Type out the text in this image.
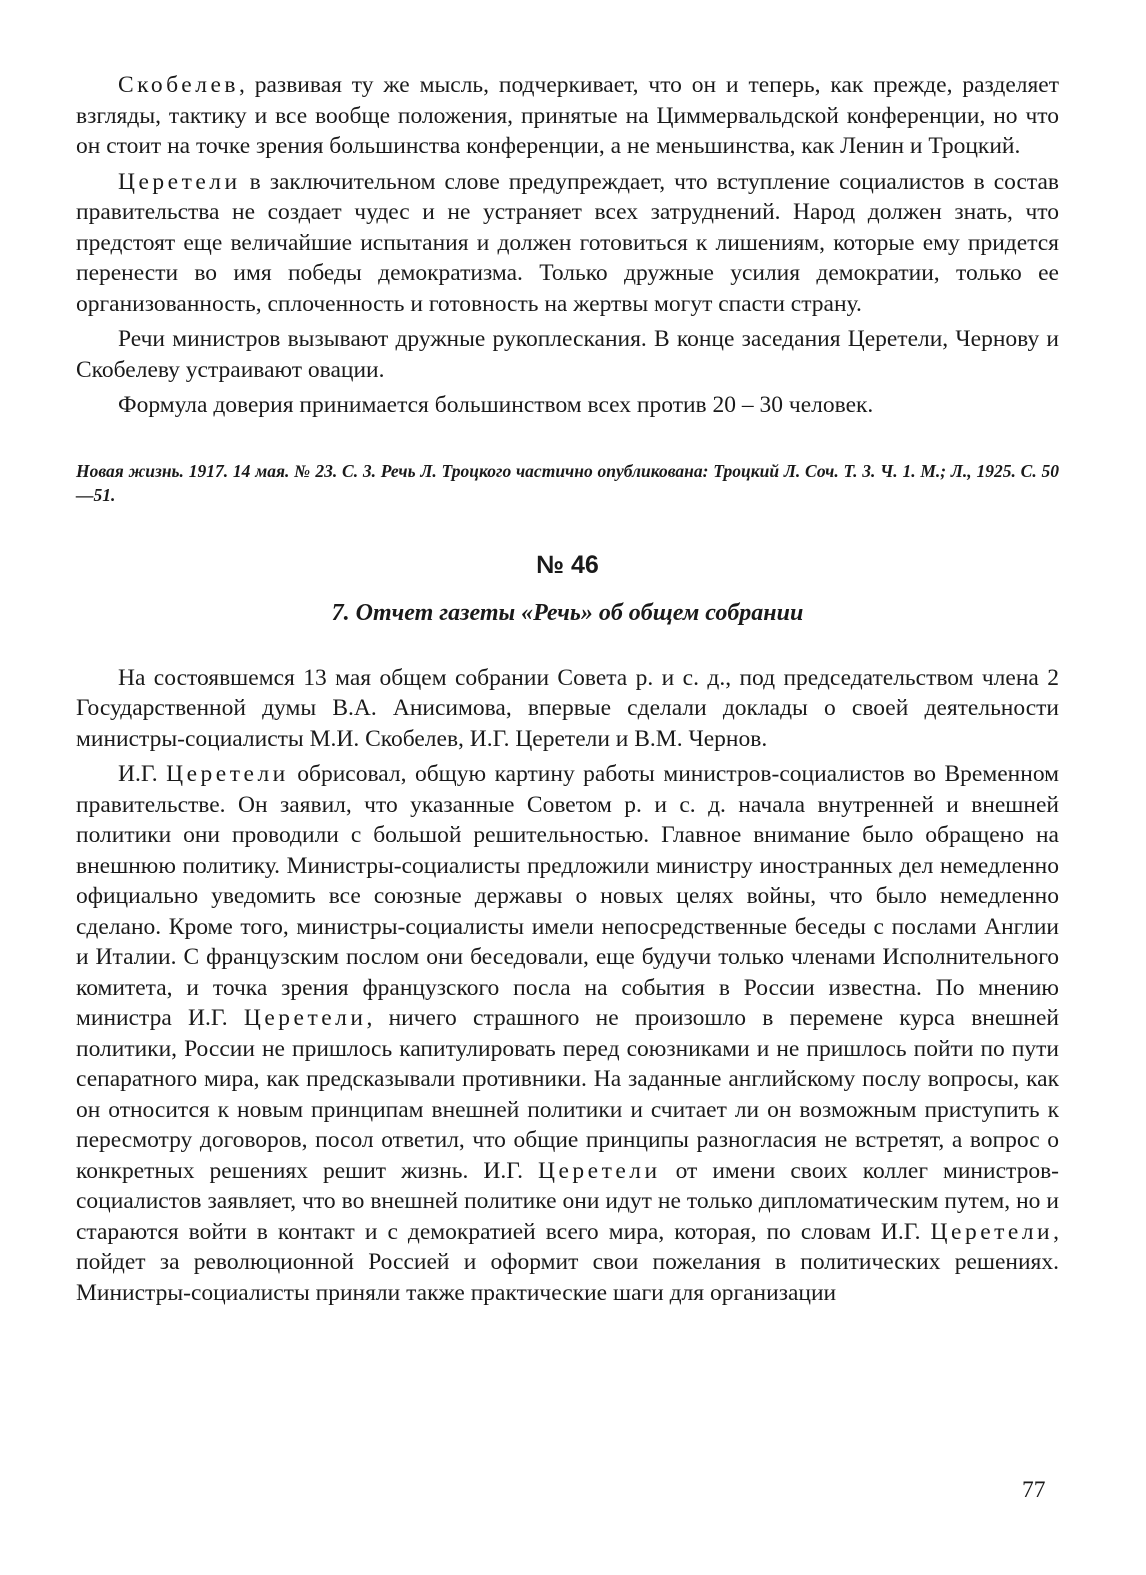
Скобелев, развивая ту же мысль, подчеркивает, что он и теперь, как прежде, разделяет взгляды, тактику и все вообще положения, принятые на Циммервальдской конференции, но что он стоит на точке зрения большинства конференции, а не меньшинства, как Ленин и Троцкий.

Церетели в заключительном слове предупреждает, что вступление социалистов в состав правительства не создает чудес и не устраняет всех затруднений. Народ должен знать, что предстоят еще величайшие испытания и должен готовиться к лишениям, которые ему придется перенести во имя победы демократизма. Только дружные усилия демократии, только ее организованность, сплоченность и готовность на жертвы могут спасти страну.

Речи министров вызывают дружные рукоплескания. В конце заседания Церетели, Чернову и Скобелеву устраивают овации.

Формула доверия принимается большинством всех против 20 – 30 человек.

Новая жизнь. 1917. 14 мая. № 23. С. 3. Речь Л. Троцкого частично опубликована: Троцкий Л. Соч. Т. 3. Ч. 1. М.; Л., 1925. С. 50—51.

№ 46
7. Отчет газеты «Речь» об общем собрании

На состоявшемся 13 мая общем собрании Совета р. и с. д., под председательством члена 2 Государственной думы В.А. Анисимова, впервые сделали доклады о своей деятельности министры-социалисты М.И. Скобелев, И.Г. Церетели и В.М. Чернов.

И.Г. Церетели обрисовал, общую картину работы министров-социалистов во Временном правительстве. Он заявил, что указанные Советом р. и с. д. начала внутренней и внешней политики они проводили с большой решительностью. Главное внимание было обращено на внешнюю политику. Министры-социалисты предложили министру иностранных дел немедленно официально уведомить все союзные державы о новых целях войны, что было немедленно сделано. Кроме того, министры-социалисты имели непосредственные беседы с послами Англии и Италии. С французским послом они беседовали, еще будучи только членами Исполнительного комитета, и точка зрения французского посла на события в России известна. По мнению министра И.Г. Церетели, ничего страшного не произошло в перемене курса внешней политики, России не пришлось капитулировать перед союзниками и не пришлось пойти по пути сепаратного мира, как предсказывали противники. На заданные английскому послу вопросы, как он относится к новым принципам внешней политики и считает ли он возможным приступить к пересмотру договоров, посол ответил, что общие принципы разногласия не встретят, а вопрос о конкретных решениях решит жизнь. И.Г. Церетели от имени своих коллег министров-социалистов заявляет, что во внешней политике они идут не только дипломатическим путем, но и стараются войти в контакт и с демократией всего мира, которая, по словам И.Г. Церетели, пойдет за революционной Россией и оформит свои пожелания в политических решениях. Министры-социалисты приняли также практические шаги для организации

77
